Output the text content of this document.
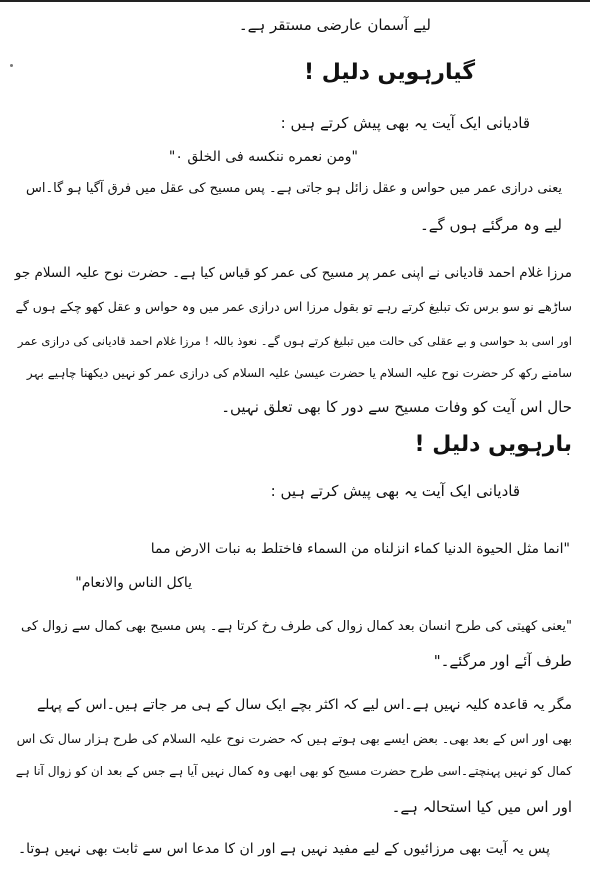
لیے آسمان عارضی مستقر ہے۔
گیارہویں دلیل !
قادیانی ایک آیت یہ بھی پیش کرتے ہیں :
"ومن نعمره ننكسه فى الخلق ٠"
یعنی درازی عمر میں حواس و عقل زائل ہو جاتی ہے۔ پس مسیح کی عقل میں فرق آگیا ہو گا۔اس
لیے وہ مرگئے ہوں گے۔
مرزا غلام احمد قادیانی نے اپنی عمر پر مسیح کی عمر کو قیاس کیا ہے۔ حضرت نوح علیہ السلام جو
ساڑھے نو سو برس تک تبلیغ کرتے رہے تو بقول مرزا اس درازی عمر میں وہ حواس و عقل کھو چکے ہوں گے
اور اسی بد حواسی و بے عقلی کی حالت میں تبلیغ کرتے ہوں گے۔ نعوذ باللہ ! مرزا غلام احمد قادیانی کی درازی عمر
سامنے رکھ کر حضرت نوح علیہ السلام یا حضرت عیسیٰ علیہ السلام کی درازی عمر کو نہیں دیکھنا چاہیے بہر
حال اس آیت کو وفات مسیح سے دور کا بھی تعلق نہیں۔
بارہویں دلیل !
قادیانی ایک آیت یہ بھی پیش کرتے ہیں :
"انما مثل الحيوة الدنيا كماء انزلناه من السماء فاختلط به نبات الارض مما
ياكل الناس والانعام"
"یعنی کھیتی کی طرح انسان بعد کمال زوال کی طرف رخ کرتا ہے۔ پس مسیح بھی کمال سے زوال کی
طرف آئے اور مرگئے۔"
مگر یہ قاعدہ کلیہ نہیں ہے۔اس لیے کہ اکثر بچے ایک سال کے ہی مر جاتے ہیں۔اس کے پہلے
بھی اور اس کے بعد بھی۔ بعض ایسے بھی ہوتے ہیں کہ حضرت نوح علیہ السلام کی طرح ہزار سال تک اس
کمال کو نہیں پہنچتے۔اسی طرح حضرت مسیح کو بھی ابھی وہ کمال نہیں آیا ہے جس کے بعد ان کو زوال آنا ہے
اور اس میں کیا استحالہ ہے۔
پس یہ آیت بھی مرزائیوں کے لیے مفید نہیں ہے اور ان کا مدعا اس سے ثابت بھی نہیں ہوتا۔
